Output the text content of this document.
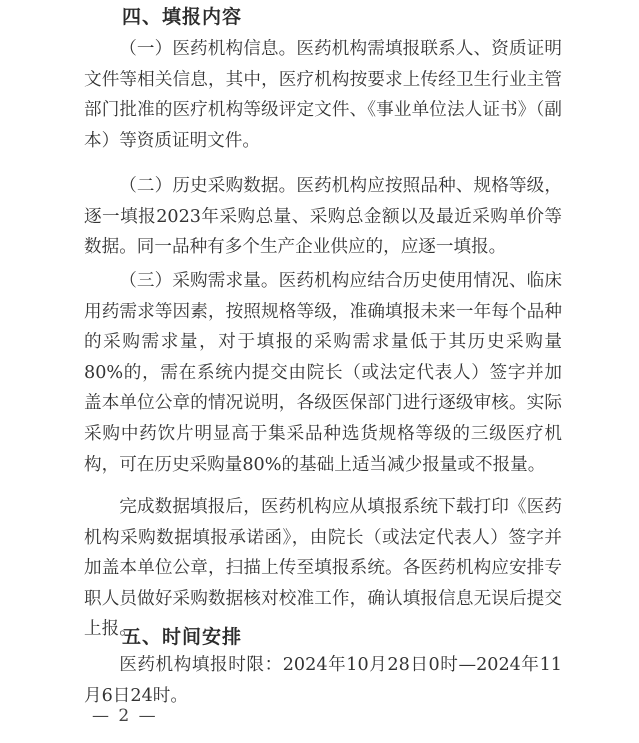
四、填报内容

（一）医药机构信息。医药机构需填报联系人、资质证明文件等相关信息，其中，医疗机构按要求上传经卫生行业主管部门批准的医疗机构等级评定文件、《事业单位法人证书》（副本）等资质证明文件。

（二）历史采购数据。医药机构应按照品种、规格等级，逐一填报2023年采购总量、采购总金额以及最近采购单价等数据。同一品种有多个生产企业供应的，应逐一填报。

（三）采购需求量。医药机构应结合历史使用情况、临床用药需求等因素，按照规格等级，准确填报未来一年每个品种的采购需求量，对于填报的采购需求量低于其历史采购量80%的，需在系统内提交由院长（或法定代表人）签字并加盖本单位公章的情况说明，各级医保部门进行逐级审核。实际采购中药饮片明显高于集采品种选货规格等级的三级医疗机构，可在历史采购量80%的基础上适当减少报量或不报量。

完成数据填报后，医药机构应从填报系统下载打印《医药机构采购数据填报承诺函》，由院长（或法定代表人）签字并加盖本单位公章，扫描上传至填报系统。各医药机构应安排专职人员做好采购数据核对校准工作，确认填报信息无误后提交上报。

五、时间安排

医药机构填报时限：2024年10月28日0时—2024年11月6日24时。

— 2 —
